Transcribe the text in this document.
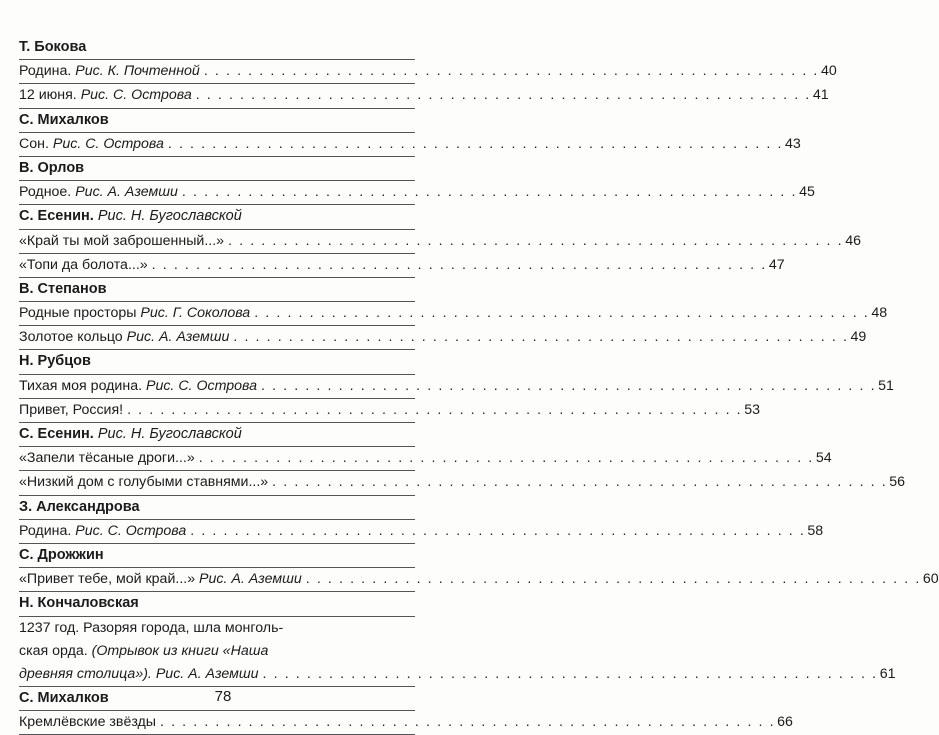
Т. Бокова
Родина.
Рис. К. Почтенной . . . . . . . . . . . . . . . . . . . . . . . . . . . . . . . . . . . . . . . . . . . . . . . . . . . . . . . . 40
12 июня.
Рис. С. Острова . . . . . . . . . . . . . . . . . . . . . . . . . . . . . . . . . . . . . . . . . . . . . . . . . . . . . . . . 41
С. Михалков
Сон.
Рис. С. Острова . . . . . . . . . . . . . . . . . . . . . . . . . . . . . . . . . . . . . . . . . . . . . . . . . . . . . . . . 43
В. Орлов
Родное.
Рис. А. Аземши . . . . . . . . . . . . . . . . . . . . . . . . . . . . . . . . . . . . . . . . . . . . . . . . . . . . . . . . 45
С. Есенин. Рис. Н. Бугославской
«Край ты мой заброшенный...» . . . . . . . . . . . . . . . . . . . . . . . . . . . . . . . . . . . . . . . . . . . . . . . . . . . . . . . . 46
«Топи да болота...» . . . . . . . . . . . . . . . . . . . . . . . . . . . . . . . . . . . . . . . . . . . . . . . . . . . . . . . . 47
В. Степанов
Родные просторы
Рис. Г. Соколова . . . . . . . . . . . . . . . . . . . . . . . . . . . . . . . . . . . . . . . . . . . . . . . . . . . . . . . . 48
Золотое кольцо
Рис. А. Аземши . . . . . . . . . . . . . . . . . . . . . . . . . . . . . . . . . . . . . . . . . . . . . . . . . . . . . . . . 49
Н. Рубцов
Тихая моя родина.
Рис. С. Острова . . . . . . . . . . . . . . . . . . . . . . . . . . . . . . . . . . . . . . . . . . . . . . . . . . . . . . . . 51
Привет, Россия! . . . . . . . . . . . . . . . . . . . . . . . . . . . . . . . . . . . . . . . . . . . . . . . . . . . . . . . . 53
С. Есенин. Рис. Н. Бугославской
«Запели тёсаные дроги...» . . . . . . . . . . . . . . . . . . . . . . . . . . . . . . . . . . . . . . . . . . . . . . . . . . . . . . . . 54
«Низкий дом с голубыми ставнями...» . . . . . . . . . . . . . . . . . . . . . . . . . . . . . . . . . . . . . . . . . . . . . . . . . . . . . . . . 56
З. Александрова
Родина.
Рис. С. Острова . . . . . . . . . . . . . . . . . . . . . . . . . . . . . . . . . . . . . . . . . . . . . . . . . . . . . . . . 58
С. Дрожжин
«Привет тебе, мой край...»
Рис. А. Аземши . . . . . . . . . . . . . . . . . . . . . . . . . . . . . . . . . . . . . . . . . . . . . . . . . . . . . . . . 60
Н. Кончаловская
1237 год. Разоряя города, шла монголь-
ская орда. (Отрывок из книги «Наша
древняя столица»).
Рис. А. Аземши . . . . . . . . . . . . . . . . . . . . . . . . . . . . . . . . . . . . . . . . . . . . . . . . . . . . . . . . 61
С. Михалков
Кремлёвские звёзды . . . . . . . . . . . . . . . . . . . . . . . . . . . . . . . . . . . . . . . . . . . . . . . . . . . . . . . . 66
78
